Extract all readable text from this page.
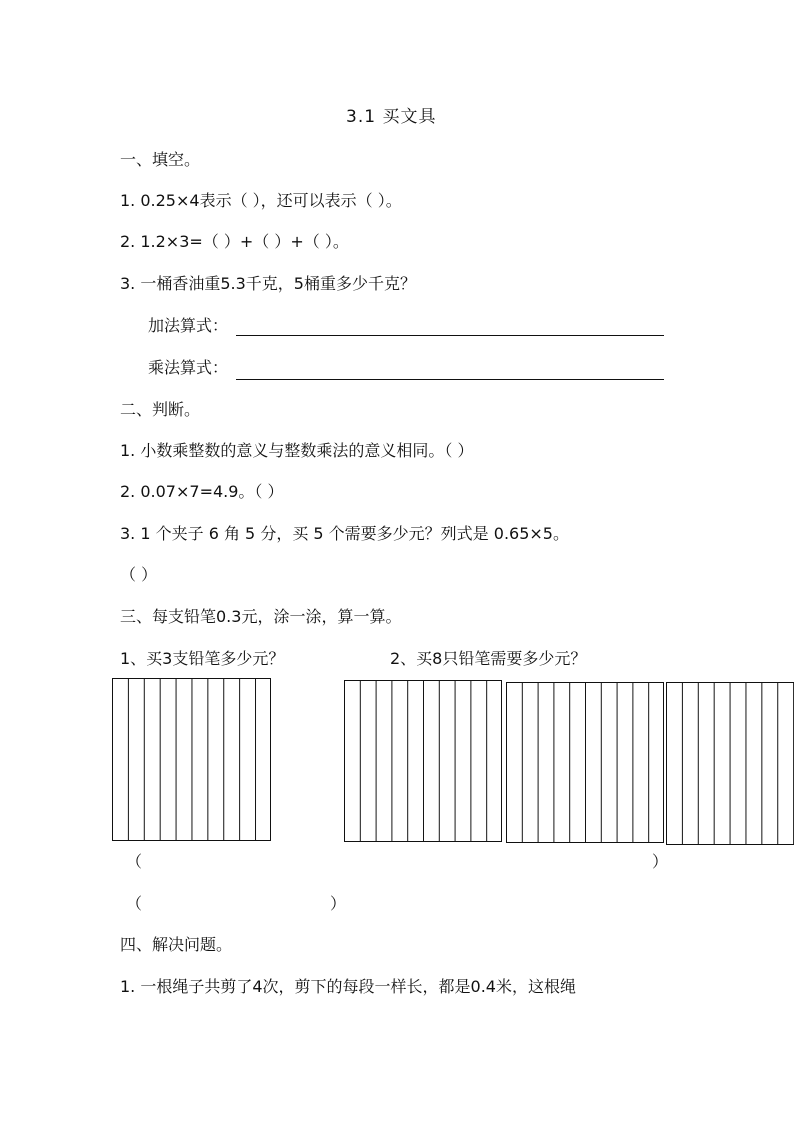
3.1 买文具
一、填空。
1. 0.25×4表示（ ），还可以表示（ ）。
2. 1.2×3=（ ）+（ ）+（ ）。
3. 一桶香油重5.3千克，5桶重多少千克？
加法算式：
乘法算式：
二、判断。
1. 小数乘整数的意义与整数乘法的意义相同。（ ）
2. 0.07×7=4.9。（ ）
3. 1 个夹子 6 角 5 分，买 5 个需要多少元？列式是 0.65×5。
（ ）
三、每支铅笔0.3元，涂一涂，算一算。
1、买3支铅笔多少元？	2、买8只铅笔需要多少元？
（	）
（	）
四、解决问题。
1. 一根绳子共剪了4次，剪下的每段一样长，都是0.4米，这根绳
